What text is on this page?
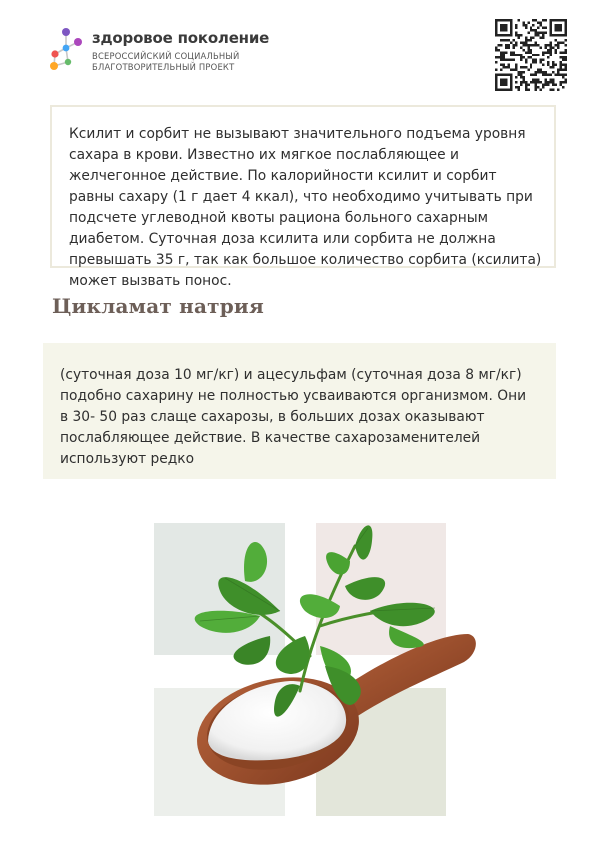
здоровое поколение
ВСЕРОССИЙСКИЙ СОЦИАЛЬНЫЙ
БЛАГОТВОРИТЕЛЬНЫЙ ПРОЕКТ

Ксилит и сорбит не вызывают значительного подъема уровня сахара в крови. Известно их мягкое послабляющее и желчегонное действие. По калорийности ксилит и сорбит равны сахару (1 г дает 4 ккал), что необходимо учитывать при подсчете углеводной квоты рациона больного сахарным диабетом. Суточная доза ксилита или сорбита не должна превышать 35 г, так как большое количество сорбита (ксилита) может вызвать понос.

Цикламат натрия

(суточная доза 10 мг/кг) и ацесульфам (суточная доза 8 мг/кг) подобно сахарину не полностью усваиваются организмом. Они в 30- 50 раз слаще сахарозы, в больших дозах оказывают послабляющее действие. В качестве сахарозаменителей используют редко
